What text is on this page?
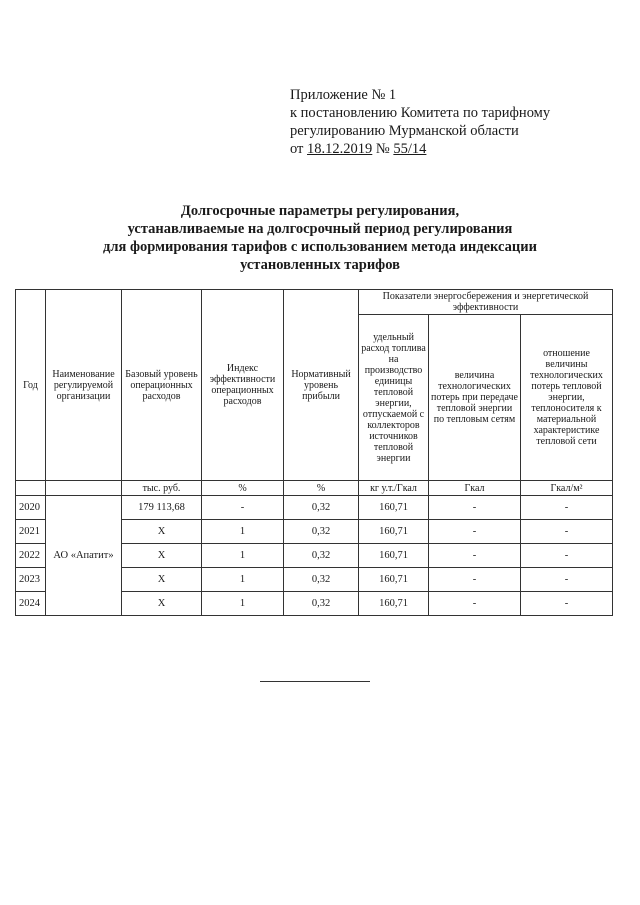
Приложение № 1
к постановлению Комитета по тарифному
регулированию Мурманской области
от 18.12.2019 № 55/14
Долгосрочные параметры регулирования,
устанавливаемые на долгосрочный период регулирования
для формирования тарифов с использованием метода индексации
установленных тарифов
Год	Наименование регулируемой организации	Базовый уровень операционных расходов	Индекс эффективности операционных расходов	Нормативный уровень прибыли	Показатели энергосбережения и энергетической эффективности		
					удельный расход топлива на производство единицы тепловой энергии, отпускаемой с коллекторов источников тепловой энергии	величина технологических потерь при передаче тепловой энергии по тепловым сетям	отношение величины технологических потерь тепловой энергии, теплоносителя к материальной характеристике тепловой сети
		тыс. руб.	%	%	кг у.т./Гкал	Гкал	Гкал/м²
2020	АО «Апатит»	179 113,68	-	0,32	160,71	-	-
2021		Х	1	0,32	160,71	-	-
2022		Х	1	0,32	160,71	-	-
2023		Х	1	0,32	160,71	-	-
2024		Х	1	0,32	160,71	-	-
